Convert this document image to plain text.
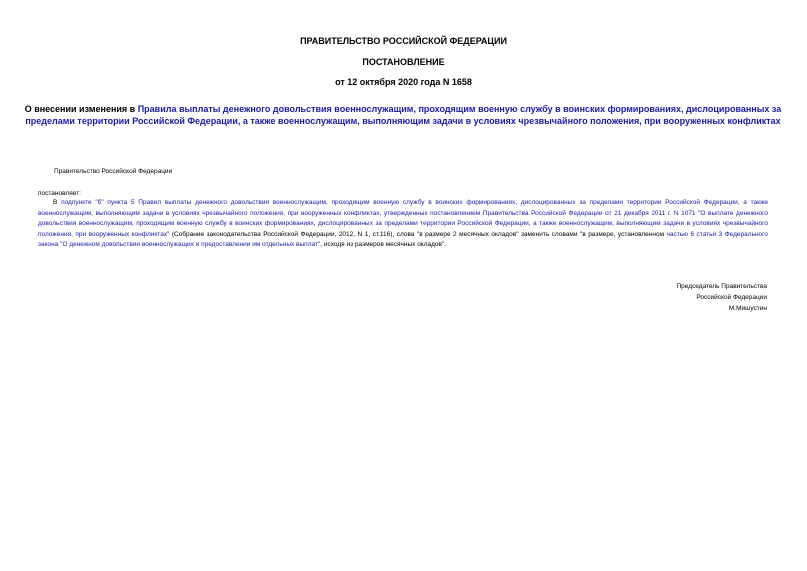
ПРАВИТЕЛЬСТВО РОССИЙСКОЙ ФЕДЕРАЦИИ
ПОСТАНОВЛЕНИЕ
от 12 октября 2020 года N 1658
О внесении изменения в Правила выплаты денежного довольствия военнослужащим, проходящим военную службу в воинских формированиях, дислоцированных за пределами территории Российской Федерации, а также военнослужащим, выполняющим задачи в условиях чрезвычайного положения, при вооруженных конфликтах
Правительство Российской Федерации
постановляет:
В подпункте "б" пункта 5 Правил выплаты денежного довольствия военнослужащим, проходящим военную службу в воинских формированиях, дислоцированных за пределами территории Российской Федерации, а также военнослужащим, выполняющим задачи в условиях чрезвычайного положения, при вооруженных конфликтах, утвержденных постановлением Правительства Российской Федерации от 21 декабря 2011 г. N 1071 "О выплате денежного довольствия военнослужащим, проходящим военную службу в воинских формированиях, дислоцированных за пределами территории Российской Федерации, а также военнослужащим, выполняющим задачи в условиях чрезвычайного положения, при вооруженных конфликтах" (Собрание законодательства Российской Федерации, 2012, N 1, ст.116), слова "в размере 2 месячных окладов" заменить словами "в размере, установленном частью 6 статьи 3 Федерального закона "О денежном довольствии военнослужащих и предоставлении им отдельных выплат", исходя из размеров месячных окладов".
Председатель Правительства
Российской Федерации
М.Мишустин
